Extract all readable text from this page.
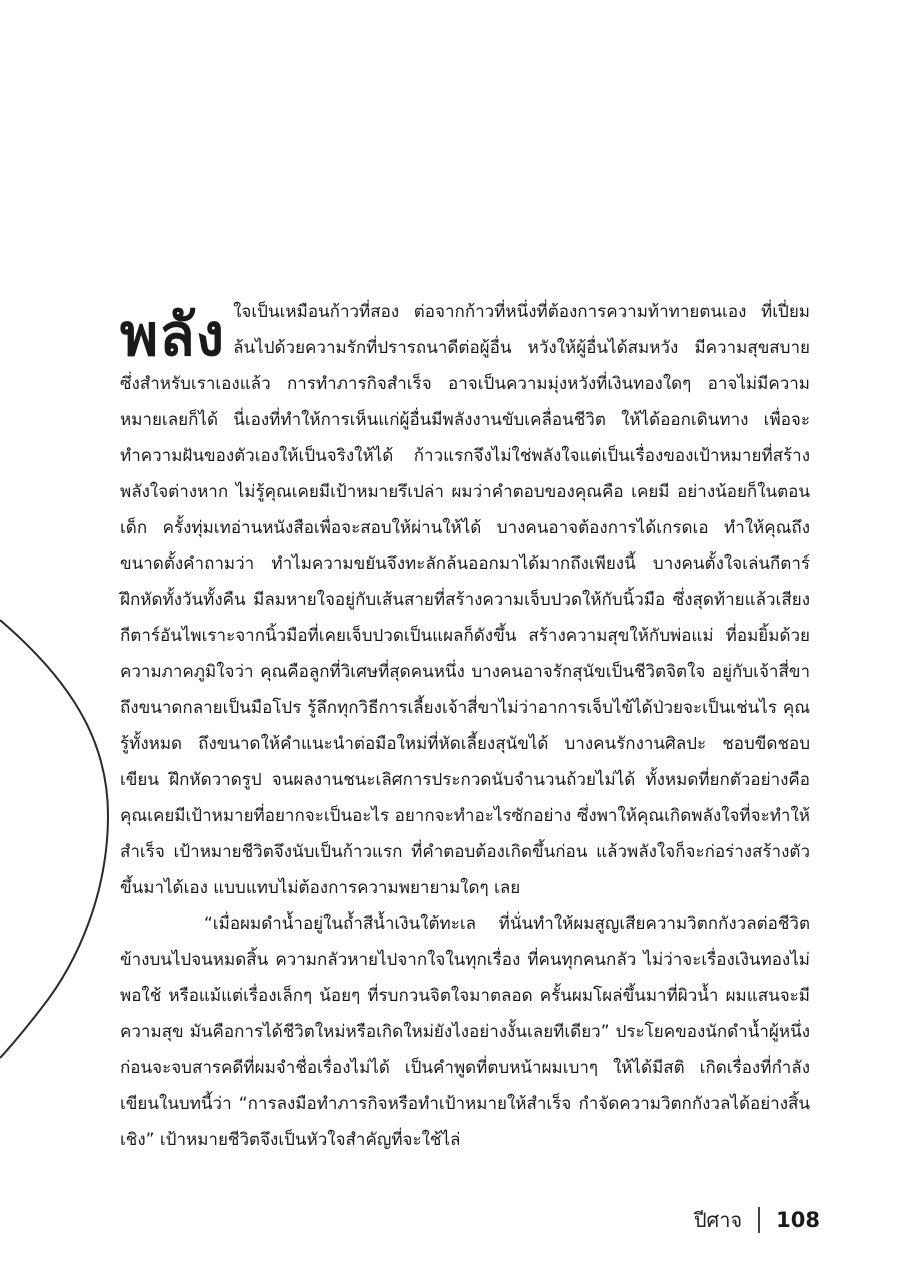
พลัง ใจเป็นเหมือนก้าวที่สอง ต่อจากก้าวที่หนึ่งที่ต้องการความท้าทายตนเอง ที่เปี่ยมล้นไปด้วยความรักที่ปรารถนาดีต่อผู้อื่น หวังให้ผู้อื่นได้สมหวัง มีความสุขสบาย ซึ่งสำหรับเราเองแล้ว การทำภารกิจสำเร็จ อาจเป็นความมุ่งหวังที่เงินทองใดๆ อาจไม่มีความหมายเลยก็ได้ นี่เองที่ทำให้การเห็นแก่ผู้อื่นมีพลังงานขับเคลื่อนชีวิต ให้ได้ออกเดินทาง เพื่อจะทำความฝันของตัวเองให้เป็นจริงให้ได้ ก้าวแรกจึงไม่ใช่พลังใจแต่เป็นเรื่องของเป้าหมายที่สร้างพลังใจต่างหาก ไม่รู้คุณเคยมีเป้าหมายรึเปล่า ผมว่าคำตอบของคุณคือ เคยมี อย่างน้อยก็ในตอนเด็ก ครั้งทุ่มเทอ่านหนังสือเพื่อจะสอบให้ผ่านให้ได้ บางคนอาจต้องการได้เกรดเอ ทำให้คุณถึงขนาดตั้งคำถามว่า ทำไมความขยันจึงทะลักล้นออกมาได้มากถึงเพียงนี้ บางคนตั้งใจเล่นกีตาร์ ฝึกหัดทั้งวันทั้งคืน มีลมหายใจอยู่กับเส้นสายที่สร้างความเจ็บปวดให้กับนิ้วมือ ซึ่งสุดท้ายแล้วเสียงกีตาร์อันไพเราะจากนิ้วมือที่เคยเจ็บปวดเป็นแผลก็ดังขึ้น สร้างความสุขให้กับพ่อแม่ ที่อมยิ้มด้วยความภาคภูมิใจว่า คุณคือลูกที่วิเศษที่สุดคนหนึ่ง บางคนอาจรักสุนัขเป็นชีวิตจิตใจ อยู่กับเจ้าสี่ขาถึงขนาดกลายเป็นมือโปร รู้ลึกทุกวิธีการเลี้ยงเจ้าสี่ขาไม่ว่าอาการเจ็บไข้ได้ป่วยจะเป็นเช่นไร คุณรู้ทั้งหมด ถึงขนาดให้คำแนะนำต่อมือใหม่ที่หัดเลี้ยงสุนัขได้ บางคนรักงานศิลปะ ชอบขีดชอบเขียน ฝึกหัดวาดรูป จนผลงานชนะเลิศการประกวดนับจำนวนถ้วยไม่ได้ ทั้งหมดที่ยกตัวอย่างคือคุณเคยมีเป้าหมายที่อยากจะเป็นอะไร อยากจะทำอะไรซักอย่าง ซึ่งพาให้คุณเกิดพลังใจที่จะทำให้สำเร็จ เป้าหมายชีวิตจึงนับเป็นก้าวแรก ที่คำตอบต้องเกิดขึ้นก่อน แล้วพลังใจก็จะก่อร่างสร้างตัวขึ้นมาได้เอง แบบแทบไม่ต้องการความพยายามใดๆ เลย

“เมื่อผมดำน้ำอยู่ในถ้ำสีน้ำเงินใต้ทะเล ที่นั่นทำให้ผมสูญเสียความวิตกกังวลต่อชีวิตข้างบนไปจนหมดสิ้น ความกลัวหายไปจากใจในทุกเรื่อง ที่คนทุกคนกลัว ไม่ว่าจะเรื่องเงินทองไม่พอใช้ หรือแม้แต่เรื่องเล็กๆ น้อยๆ ที่รบกวนจิตใจมาตลอด ครั้นผมโผล่ขึ้นมาที่ผิวน้ำ ผมแสนจะมีความสุข มันคือการได้ชีวิตใหม่หรือเกิดใหม่ยังไงอย่างงั้นเลยทีเดียว” ประโยคของนักดำน้ำผู้หนึ่งก่อนจะจบสารคดีที่ผมจำชื่อเรื่องไม่ได้ เป็นคำพูดที่ตบหน้าผมเบาๆ ให้ได้มีสติ เกิดเรื่องที่กำลังเขียนในบทนี้ว่า “การลงมือทำภารกิจหรือทำเป้าหมายให้สำเร็จ กำจัดความวิตกกังวลได้อย่างสิ้นเชิง” เป้าหมายชีวิตจึงเป็นหัวใจสำคัญที่จะใช้ไล่

ปีศาจ 108
